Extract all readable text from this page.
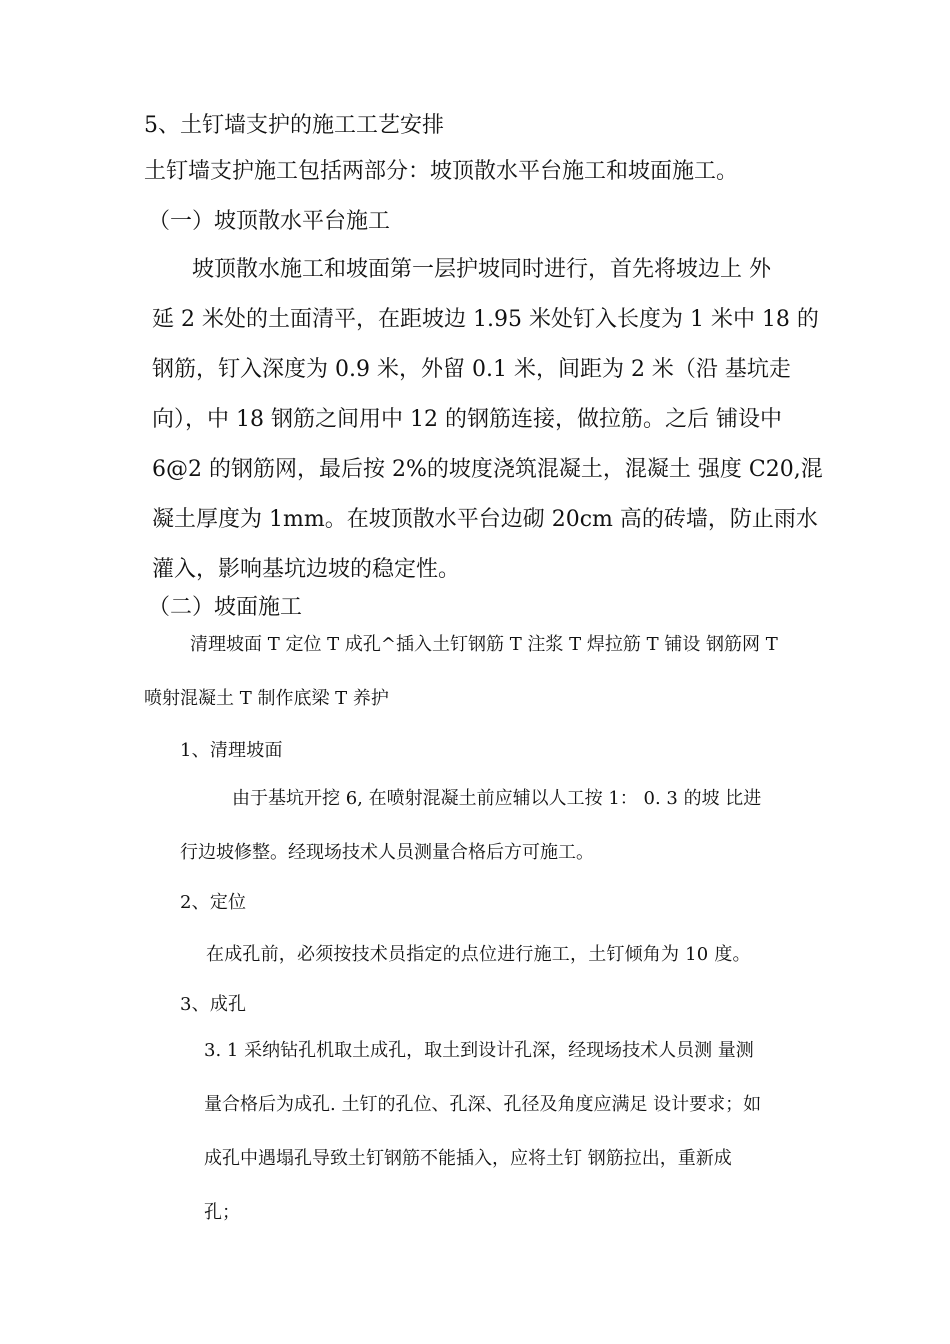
5、土钉墙支护的施工工艺安排
土钉墙支护施工包括两部分：坡顶散水平台施工和坡面施工。
（一）坡顶散水平台施工
坡顶散水施工和坡面第一层护坡同时进行，首先将坡边上 外
延 2 米处的土面清平，在距坡边 1.95 米处钉入长度为 1 米中 18 的
钢筋，钉入深度为 0.9 米，外留 0.1 米，间距为 2 米（沿 基坑走
向），中 18 钢筋之间用中 12 的钢筋连接，做拉筋。之后 铺设中
6@2 的钢筋网，最后按 2%的坡度浇筑混凝土，混凝土 强度 C20,混
凝土厚度为 1mm。在坡顶散水平台边砌 20cm 高的砖墙，防止雨水
灌入，影响基坑边坡的稳定性。
（二）坡面施工
清理坡面 T 定位 T 成孔^插入土钉钢筋 T 注浆 T 焊拉筋 T 铺设 钢筋网 T
喷射混凝土 T 制作底梁 T 养护
1、清理坡面
由于基坑开挖 6, 在喷射混凝土前应辅以人工按 1： 0. 3 的坡 比进
行边坡修整。经现场技术人员测量合格后方可施工。
2、定位
在成孔前，必须按技术员指定的点位进行施工，土钉倾角为 10 度。
3、成孔
3. 1 采纳钻孔机取土成孔，取土到设计孔深，经现场技术人员测 量测
量合格后为成孔. 土钉的孔位、孔深、孔径及角度应满足 设计要求；如
成孔中遇塌孔导致土钉钢筋不能插入，应将土钉 钢筋拉出，重新成
孔；
